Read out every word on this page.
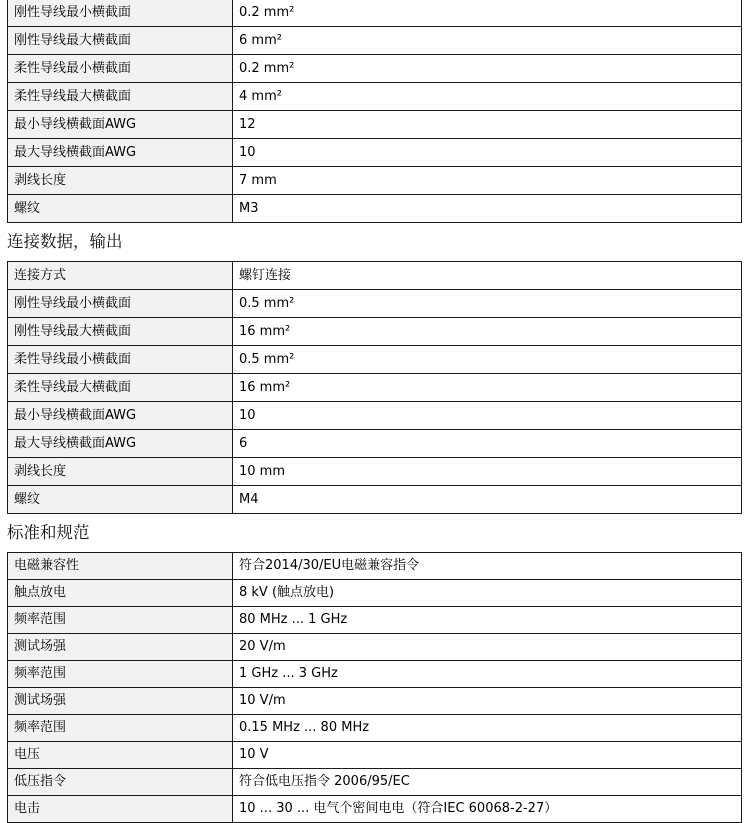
刚性导线最小横截面	0.2 mm²
刚性导线最大横截面	6 mm²
柔性导线最小横截面	0.2 mm²
柔性导线最大横截面	4 mm²
最小导线横截面AWG	12
最大导线横截面AWG	10
剥线长度	7 mm
螺纹	M3
连接数据，输出
连接方式	螺钉连接
刚性导线最小横截面	0.5 mm²
刚性导线最大横截面	16 mm²
柔性导线最小横截面	0.5 mm²
柔性导线最大横截面	16 mm²
最小导线横截面AWG	10
最大导线横截面AWG	6
剥线长度	10 mm
螺纹	M4
标准和规范
电磁兼容性	符合2014/30/EU电磁兼容指令
触点放电	8 kV (触点放电)
频率范围	80 MHz ... 1 GHz
测试场强	20 V/m
频率范围	1 GHz ... 3 GHz
测试场强	10 V/m
频率范围	0.15 MHz ... 80 MHz
电压	10 V
低压指令	符合低电压指令 2006/95/EC
电击	10 ... 30 ... 电气个密间电电（符合IEC 60068-2-27）
